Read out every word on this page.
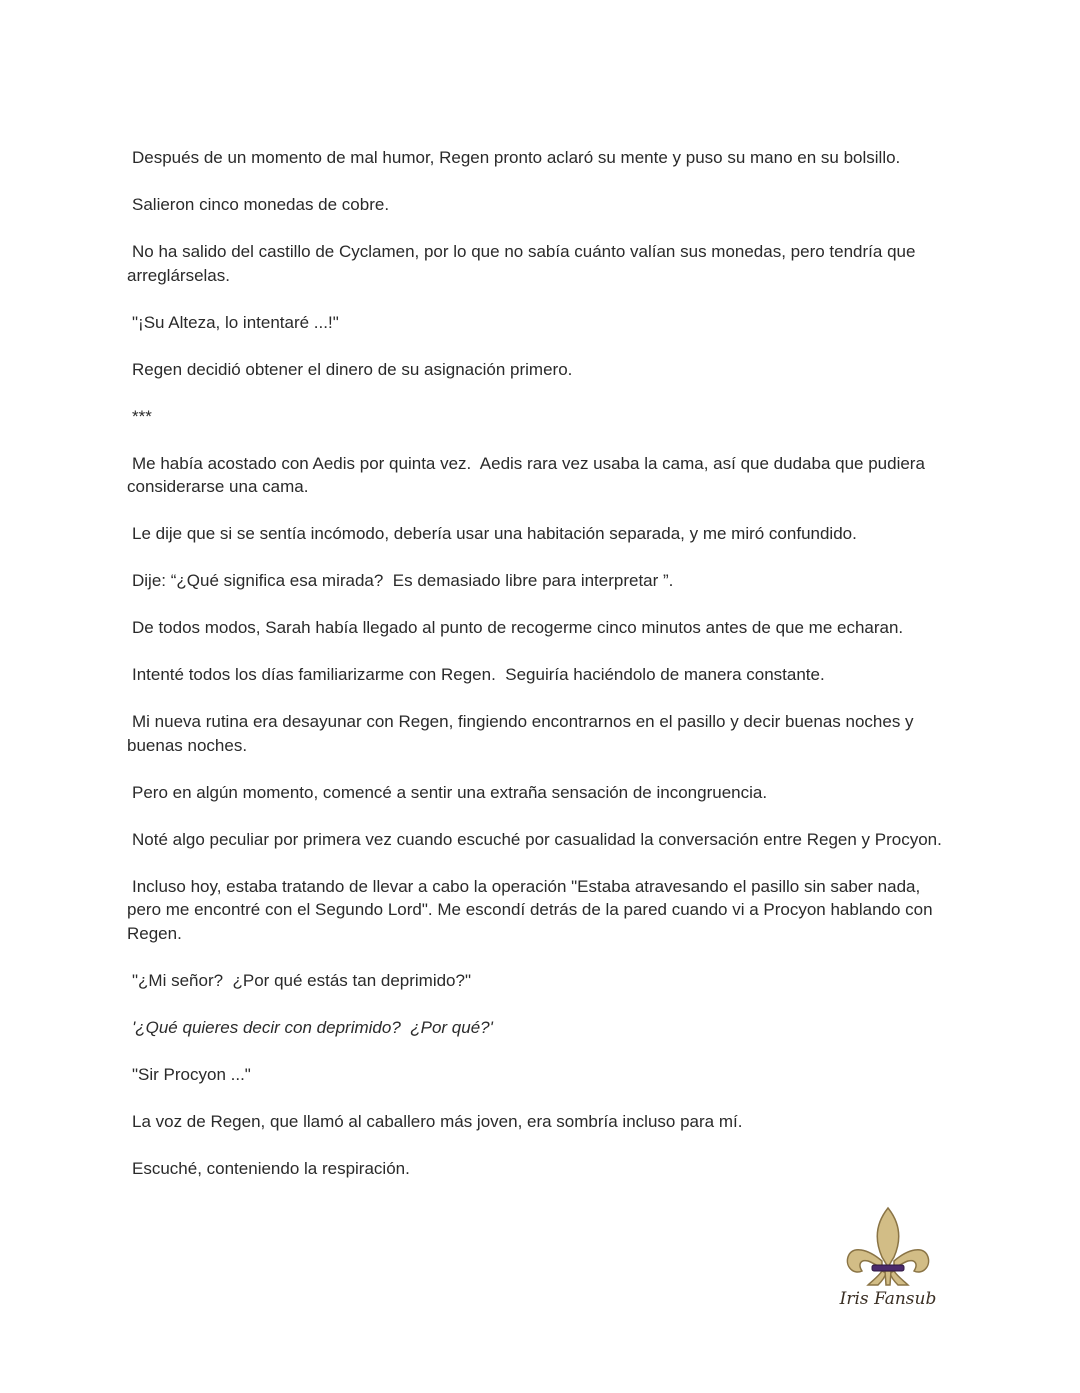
Después de un momento de mal humor, Regen pronto aclaró su mente y puso su mano en su bolsillo.

Salieron cinco monedas de cobre.

No ha salido del castillo de Cyclamen, por lo que no sabía cuánto valían sus monedas, pero tendría que arreglárselas.

"¡Su Alteza, lo intentaré ...!"

Regen decidió obtener el dinero de su asignación primero.

***

Me había acostado con Aedis por quinta vez.  Aedis rara vez usaba la cama, así que dudaba que pudiera considerarse una cama.

Le dije que si se sentía incómodo, debería usar una habitación separada, y me miró confundido.

Dije: “¿Qué significa esa mirada?  Es demasiado libre para interpretar ”.

De todos modos, Sarah había llegado al punto de recogerme cinco minutos antes de que me echaran.

Intenté todos los días familiarizarme con Regen.  Seguiría haciéndolo de manera constante.

Mi nueva rutina era desayunar con Regen, fingiendo encontrarnos en el pasillo y decir buenas noches y buenas noches.

Pero en algún momento, comencé a sentir una extraña sensación de incongruencia.

Noté algo peculiar por primera vez cuando escuché por casualidad la conversación entre Regen y Procyon.

Incluso hoy, estaba tratando de llevar a cabo la operación "Estaba atravesando el pasillo sin saber nada, pero me encontré con el Segundo Lord". Me escondí detrás de la pared cuando vi a Procyon hablando con Regen.

"¿Mi señor?  ¿Por qué estás tan deprimido?"

'¿Qué quieres decir con deprimido?  ¿Por qué?'

"Sir Procyon ..."

La voz de Regen, que llamó al caballero más joven, era sombría incluso para mí.

Escuché, conteniendo la respiración.

Iris Fansub
